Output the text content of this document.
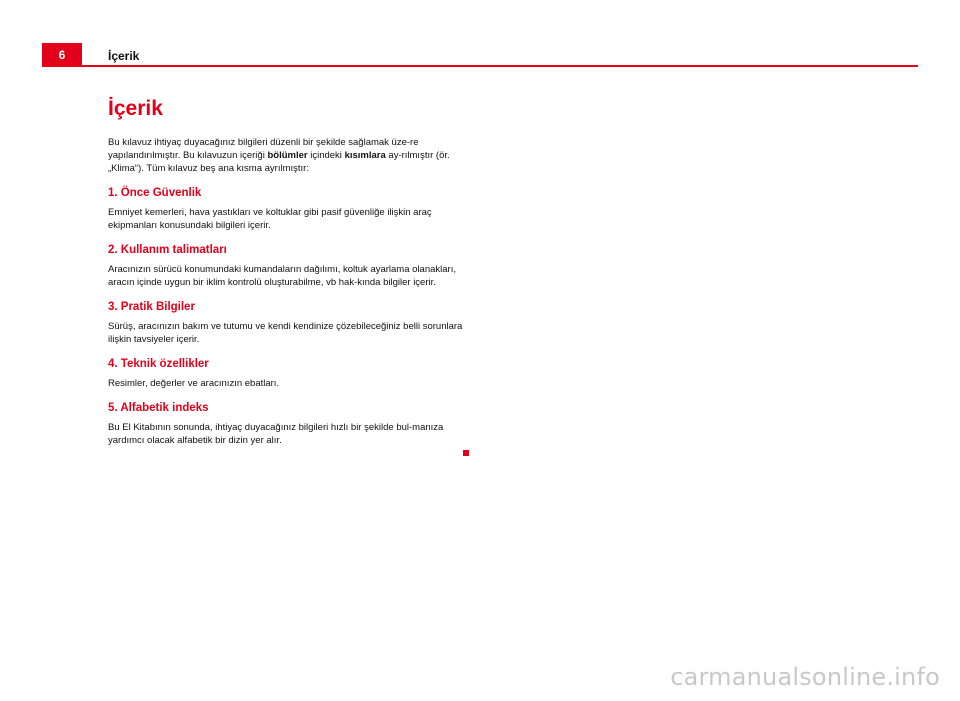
6	İçerik
İçerik

Bu kılavuz ihtiyaç duyacağınız bilgileri düzenli bir şekilde sağlamak üze-re yapılandırılmıştır. Bu kılavuzun içeriği bölümler içindeki kısımlara ay-rılmıştır (ör. „Klima“). Tüm kılavuz beş ana kısma ayrılmıştır:

1. Önce Güvenlik

Emniyet kemerleri, hava yastıkları ve koltuklar gibi pasif güvenliğe ilişkin araç ekipmanları konusundaki bilgileri içerir.

2. Kullanım talimatları

Aracınızın sürücü konumundaki kumandaların dağılımı, koltuk ayarlama olanakları, aracın içinde uygun bir iklim kontrolü oluşturabilme, vb hak-kında bilgiler içerir.

3. Pratik Bilgiler

Sürüş, aracınızın bakım ve tutumu ve kendi kendinize çözebileceğiniz belli sorunlara ilişkin tavsiyeler içerir.

4. Teknik özellikler

Resimler, değerler ve aracınızın ebatları.

5. Alfabetik indeks

Bu El Kitabının sonunda, ihtiyaç duyacağınız bilgileri hızlı bir şekilde bul-manıza yardımcı olacak alfabetik bir dizin yer alır.

carmanualsonline.info
